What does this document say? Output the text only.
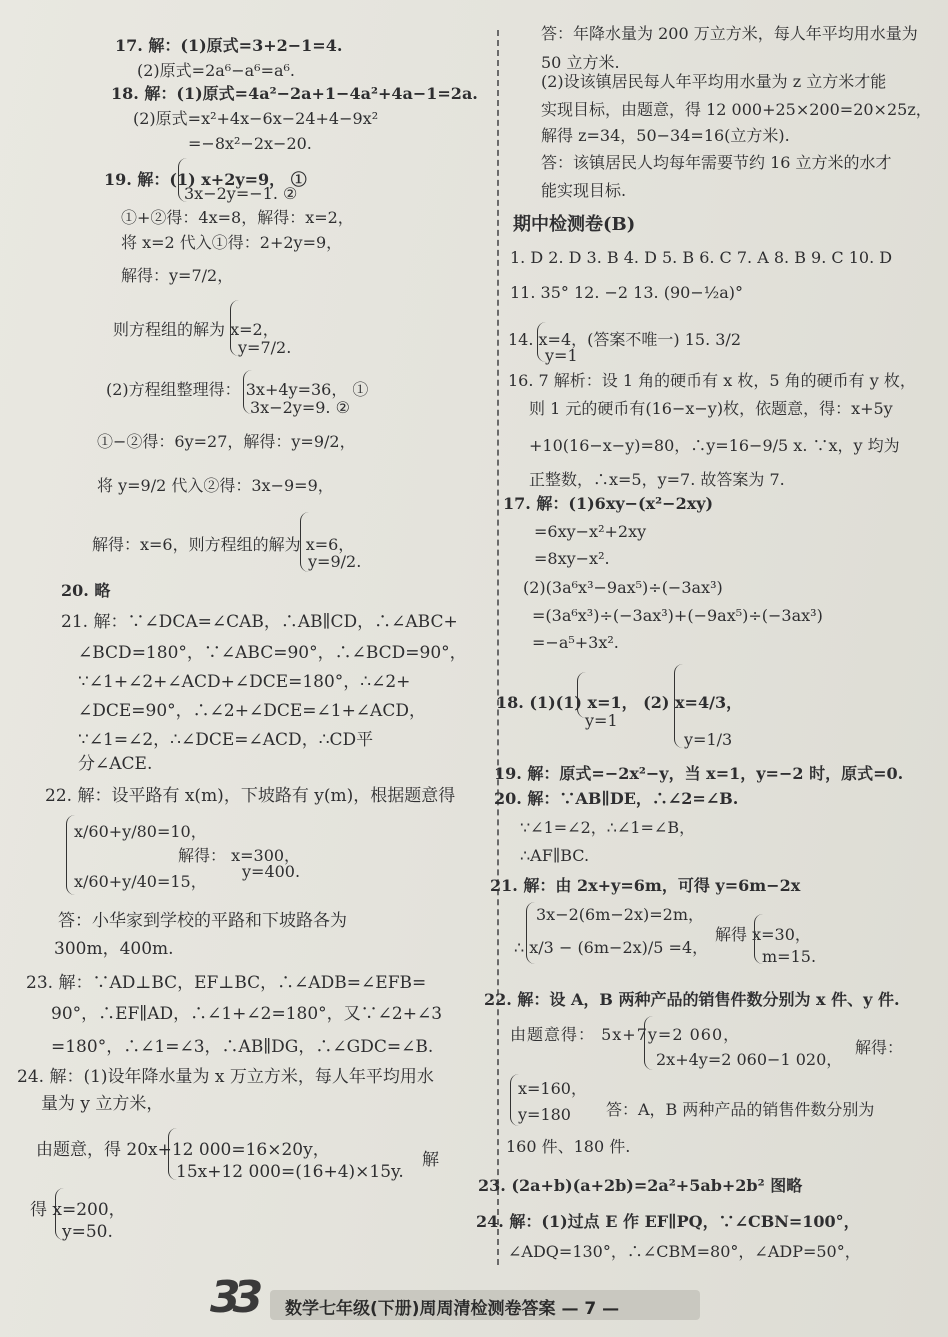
17. 解：(1)原式=3+2−1=4.
(2)原式=2a⁶−a⁶=a⁶.
18. 解：(1)原式=4a²−2a+1−4a²+4a−1=2a.
(2)原式=x²+4x−6x−24+4−9x²
=−8x²−2x−20.
19. 解：(1) x+2y=9， ①
3x−2y=−1. ②
①+②得：4x=8，解得：x=2，
将 x=2 代入①得：2+2y=9，
解得：y=7/2，
则方程组的解为 x=2，
y=7/2.
(2)方程组整理得： 3x+4y=36， ①
3x−2y=9. ②
①−②得：6y=27，解得：y=9/2，
将 y=9/2 代入②得：3x−9=9，
解得：x=6，则方程组的解为 x=6，
y=9/2.
20. 略
21. 解：∵∠DCA=∠CAB，∴AB∥CD，∴∠ABC+
∠BCD=180°，∵∠ABC=90°，∴∠BCD=90°，
∵∠1+∠2+∠ACD+∠DCE=180°，∴∠2+
∠DCE=90°，∴∠2+∠DCE=∠1+∠ACD，
∵∠1=∠2，∴∠DCE=∠ACD，∴CD平
分∠ACE.
22. 解：设平路有 x(m)，下坡路有 y(m)，根据题意得
x/60+y/80=10，
解得： x=300，
x/60+y/40=15，
y=400.
答：小华家到学校的平路和下坡路各为
300m，400m.
23. 解：∵AD⊥BC，EF⊥BC，∴∠ADB=∠EFB=
90°，∴EF∥AD，∴∠1+∠2=180°，又∵∠2+∠3
=180°，∴∠1=∠3，∴AB∥DG，∴∠GDC=∠B.
24. 解：(1)设年降水量为 x 万立方米，每人年平均用水
量为 y 立方米，
由题意，得 20x+12 000=16×20y，
15x+12 000=(16+4)×15y.
解
得 x=200，
y=50.
答：年降水量为 200 万立方米，每人年平均用水量为
50 立方米.
(2)设该镇居民每人年平均用水量为 z 立方米才能
实现目标，由题意，得 12 000+25×200=20×25z，
解得 z=34，50−34=16(立方米).
答：该镇居民人均每年需要节约 16 立方米的水才
能实现目标.
期中检测卷(B)
1. D 2. D 3. B 4. D 5. B 6. C 7. A 8. B 9. C 10. D
11. 35° 12. −2 13. (90−½a)°
14. x=4，(答案不唯一) 15. 3/2
y=1
16. 7 解析：设 1 角的硬币有 x 枚，5 角的硬币有 y 枚，
则 1 元的硬币有(16−x−y)枚，依题意，得：x+5y
+10(16−x−y)=80，∴y=16−9/5 x. ∵x，y 均为
正整数，∴x=5，y=7. 故答案为 7.
17. 解：(1)6xy−(x²−2xy)
=6xy−x²+2xy
=8xy−x².
(2)(3a⁶x³−9ax⁵)÷(−3ax³)
=(3a⁶x³)÷(−3ax³)+(−9ax⁵)÷(−3ax³)
=−a⁵+3x².
18. (1)(1) x=1， (2) x=4/3，
y=1
y=1/3
19. 解：原式=−2x²−y，当 x=1，y=−2 时，原式=0.
20. 解：∵AB∥DE，∴∠2=∠B.
∵∠1=∠2，∴∠1=∠B，
∴AF∥BC.
21. 解：由 2x+y=6m，可得 y=6m−2x
3x−2(6m−2x)=2m，
∴ x/3 − (6m−2x)/5 =4，
解得 x=30，
m=15.
22. 解：设 A，B 两种产品的销售件数分别为 x 件、y 件.
由题意得： 5x+7y=2 060，
2x+4y=2 060−1 020，
解得：
x=160，
y=180 答：A，B 两种产品的销售件数分别为
160 件、180 件.
23. (2a+b)(a+2b)=2a²+5ab+2b² 图略
24. 解：(1)过点 E 作 EF∥PQ，∵∠CBN=100°，
∠ADQ=130°，∴∠CBM=80°，∠ADP=50°，
33 数学七年级(下册)周周清检测卷答案 — 7 —
